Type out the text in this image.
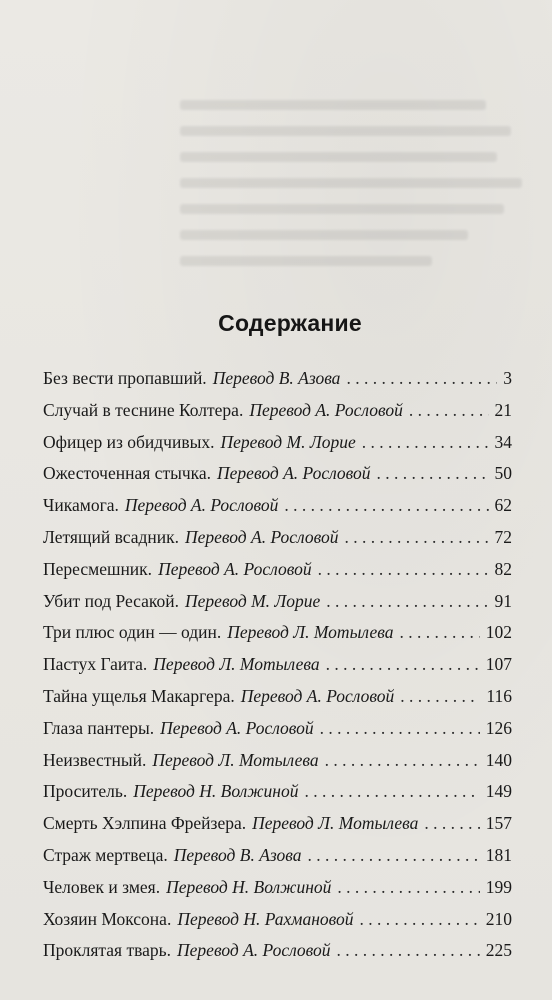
Содержание
Без вести пропавший. Перевод В. Азова . . .	3
Случай в теснине Колтера. Перевод А. Рословой . . .	21
Офицер из обидчивых. Перевод М. Лорие . . .	34
Ожесточенная стычка. Перевод А. Рословой . . .	50
Чикамога. Перевод А. Рословой . . .	62
Летящий всадник. Перевод А. Рословой . . .	72
Пересмешник. Перевод А. Рословой . . .	82
Убит под Ресакой. Перевод М. Лорие . . .	91
Три плюс один — один. Перевод Л. Мотылева . . .	102
Пастух Гаита. Перевод Л. Мотылева . . .	107
Тайна ущелья Макаргера. Перевод А. Рословой . . .	116
Глаза пантеры. Перевод А. Рословой . . .	126
Неизвестный. Перевод Л. Мотылева . . .	140
Проситель. Перевод Н. Волжиной . . .	149
Смерть Хэлпина Фрейзера. Перевод Л. Мотылева . . .	157
Страж мертвеца. Перевод В. Азова . . .	181
Человек и змея. Перевод Н. Волжиной . . .	199
Хозяин Моксона. Перевод Н. Рахмановой . . .	210
Проклятая тварь. Перевод А. Рословой . . .	225
